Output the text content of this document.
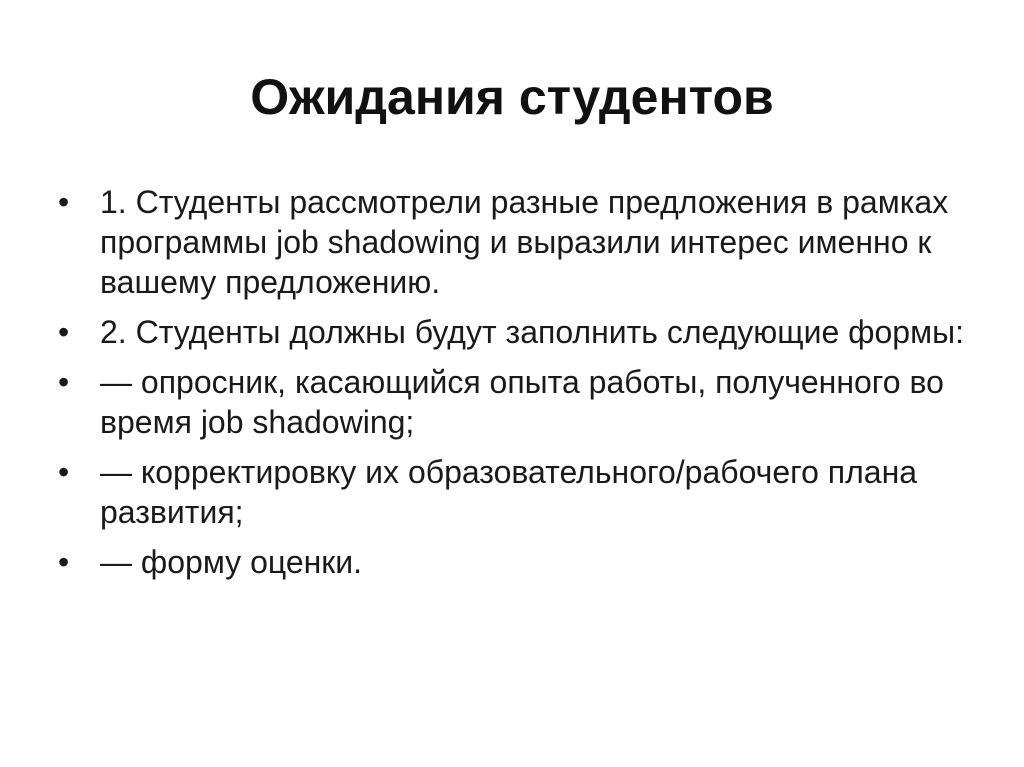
Ожидания студентов
• 1. Студенты рассмотрели разные предложения в рамках программы job shadowing и выразили интерес именно к вашему предложению.
• 2. Студенты должны будут заполнить следующие формы:
• — опросник, касающийся опыта работы, полученного во время job shadowing;
• — корректировку их образовательного/рабочего плана развития;
• — форму оценки.
